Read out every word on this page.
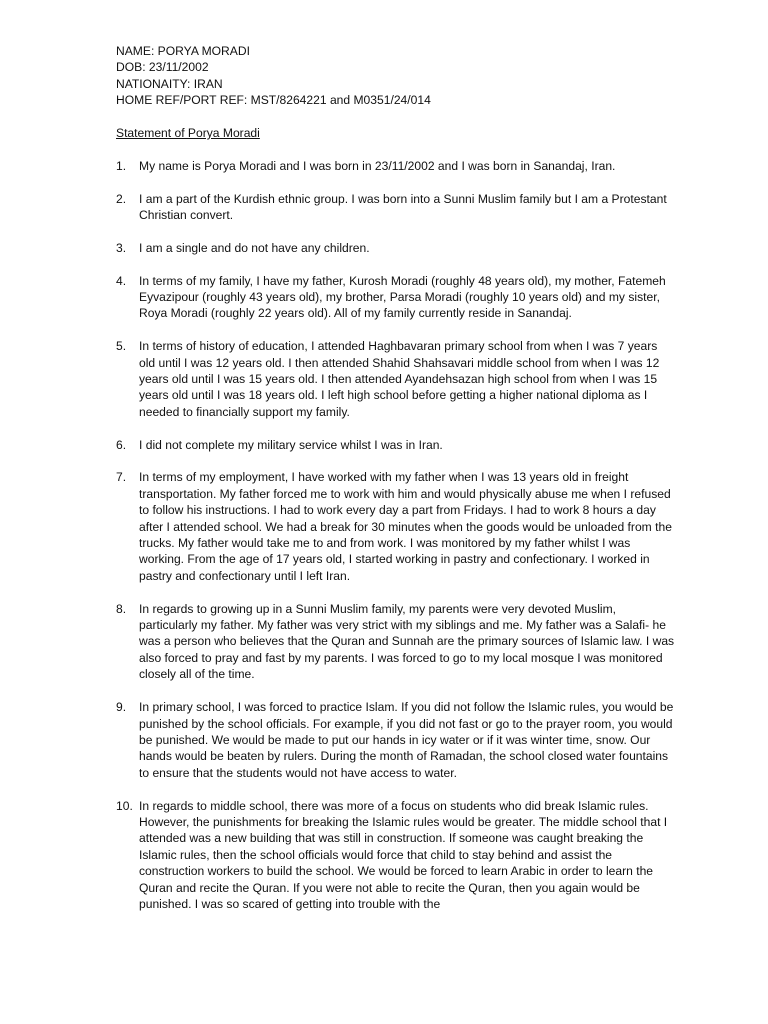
NAME: PORYA MORADI
DOB: 23/11/2002
NATIONAITY: IRAN
HOME REF/PORT REF: MST/8264221 and M0351/24/014
Statement of Porya Moradi
1. My name is Porya Moradi and I was born in 23/11/2002 and I was born in Sanandaj, Iran.
2. I am a part of the Kurdish ethnic group. I was born into a Sunni Muslim family but I am a Protestant Christian convert.
3. I am a single and do not have any children.
4. In terms of my family, I have my father, Kurosh Moradi (roughly 48 years old), my mother, Fatemeh Eyvazipour (roughly 43 years old), my brother, Parsa Moradi (roughly 10 years old) and my sister, Roya Moradi (roughly 22 years old). All of my family currently reside in Sanandaj.
5. In terms of history of education, I attended Haghbavaran primary school from when I was 7 years old until I was 12 years old. I then attended Shahid Shahsavari middle school from when I was 12 years old until I was 15 years old. I then attended Ayandehsazan high school from when I was 15 years old until I was 18 years old. I left high school before getting a higher national diploma as I needed to financially support my family.
6. I did not complete my military service whilst I was in Iran.
7. In terms of my employment, I have worked with my father when I was 13 years old in freight transportation. My father forced me to work with him and would physically abuse me when I refused to follow his instructions. I had to work every day a part from Fridays. I had to work 8 hours a day after I attended school. We had a break for 30 minutes when the goods would be unloaded from the trucks. My father would take me to and from work. I was monitored by my father whilst I was working. From the age of 17 years old, I started working in pastry and confectionary. I worked in pastry and confectionary until I left Iran.
8. In regards to growing up in a Sunni Muslim family, my parents were very devoted Muslim, particularly my father. My father was very strict with my siblings and me. My father was a Salafi- he was a person who believes that the Quran and Sunnah are the primary sources of Islamic law. I was also forced to pray and fast by my parents. I was forced to go to my local mosque I was monitored closely all of the time.
9. In primary school, I was forced to practice Islam. If you did not follow the Islamic rules, you would be punished by the school officials. For example, if you did not fast or go to the prayer room, you would be punished. We would be made to put our hands in icy water or if it was winter time, snow. Our hands would be beaten by rulers. During the month of Ramadan, the school closed water fountains to ensure that the students would not have access to water.
10. In regards to middle school, there was more of a focus on students who did break Islamic rules. However, the punishments for breaking the Islamic rules would be greater. The middle school that I attended was a new building that was still in construction. If someone was caught breaking the Islamic rules, then the school officials would force that child to stay behind and assist the construction workers to build the school. We would be forced to learn Arabic in order to learn the Quran and recite the Quran. If you were not able to recite the Quran, then you again would be punished. I was so scared of getting into trouble with the
